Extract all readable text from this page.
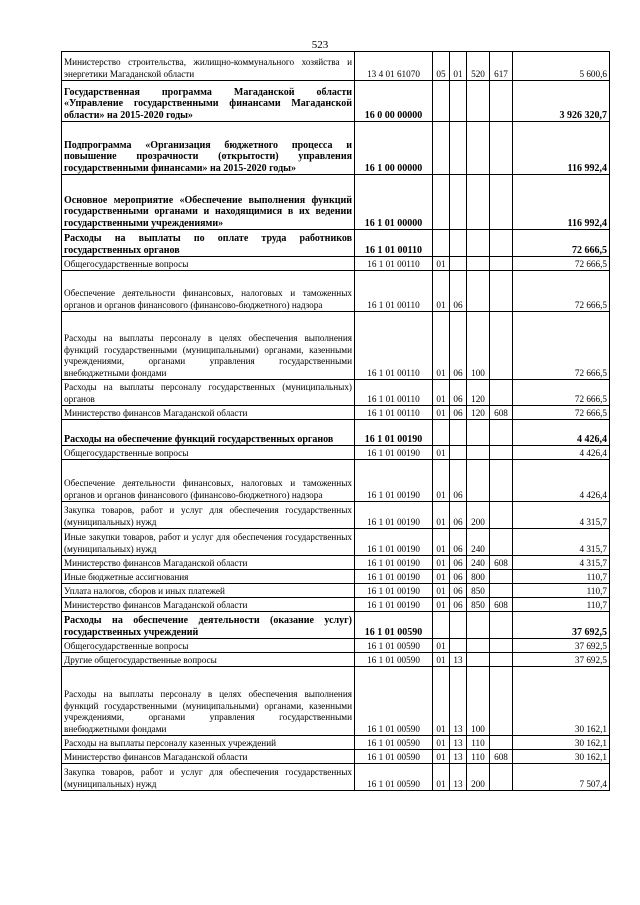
523
Министерство строительства, жилищно-коммунального хозяйства и энергетики Магаданской области	13 4 01 61070	05	01	520	617	5 600,6
Государственная программа Магаданской области «Управление государственными финансами Магаданской области» на 2015-2020 годы»	16 0 00 00000					3 926 320,7
Подпрограмма «Организация бюджетного процесса и повышение прозрачности (открытости) управления государственными финансами» на 2015-2020 годы»	16 1 00 00000					116 992,4
Основное мероприятие «Обеспечение выполнения функций государственными органами и находящимися в их ведении государственными учреждениями»	16 1 01 00000					116 992,4
Расходы на выплаты по оплате труда работников государственных органов	16 1 01 00110					72 666,5
Общегосударственные вопросы	16 1 01 00110	01				72 666,5
Обеспечение деятельности финансовых, налоговых и таможенных органов и органов финансового (финансово-бюджетного) надзора	16 1 01 00110	01	06			72 666,5
Расходы на выплаты персоналу в целях обеспечения выполнения функций государственными (муниципальными) органами, казенными учреждениями, органами управления государственными внебюджетными фондами	16 1 01 00110	01	06	100		72 666,5
Расходы на выплаты персоналу государственных (муниципальных) органов	16 1 01 00110	01	06	120		72 666,5
Министерство финансов Магаданской области	16 1 01 00110	01	06	120	608	72 666,5
Расходы на обеспечение функций государственных органов	16 1 01 00190					4 426,4
Общегосударственные вопросы	16 1 01 00190	01				4 426,4
Обеспечение деятельности финансовых, налоговых и таможенных органов и органов финансового (финансово-бюджетного) надзора	16 1 01 00190	01	06			4 426,4
Закупка товаров, работ и услуг для обеспечения государственных (муниципальных) нужд	16 1 01 00190	01	06	200		4 315,7
Иные закупки товаров, работ и услуг для обеспечения государственных (муниципальных) нужд	16 1 01 00190	01	06	240		4 315,7
Министерство финансов Магаданской области	16 1 01 00190	01	06	240	608	4 315,7
Иные бюджетные ассигнования	16 1 01 00190	01	06	800		110,7
Уплата налогов, сборов и иных платежей	16 1 01 00190	01	06	850		110,7
Министерство финансов Магаданской области	16 1 01 00190	01	06	850	608	110,7
Расходы на обеспечение деятельности (оказание услуг) государственных учреждений	16 1 01 00590					37 692,5
Общегосударственные вопросы	16 1 01 00590	01				37 692,5
Другие общегосударственные вопросы	16 1 01 00590	01	13			37 692,5
Расходы на выплаты персоналу в целях обеспечения выполнения функций государственными (муниципальными) органами, казенными учреждениями, органами управления государственными внебюджетными фондами	16 1 01 00590	01	13	100		30 162,1
Расходы на выплаты персоналу казенных учреждений	16 1 01 00590	01	13	110		30 162,1
Министерство финансов Магаданской области	16 1 01 00590	01	13	110	608	30 162,1
Закупка товаров, работ и услуг для обеспечения государственных (муниципальных) нужд	16 1 01 00590	01	13	200		7 507,4
